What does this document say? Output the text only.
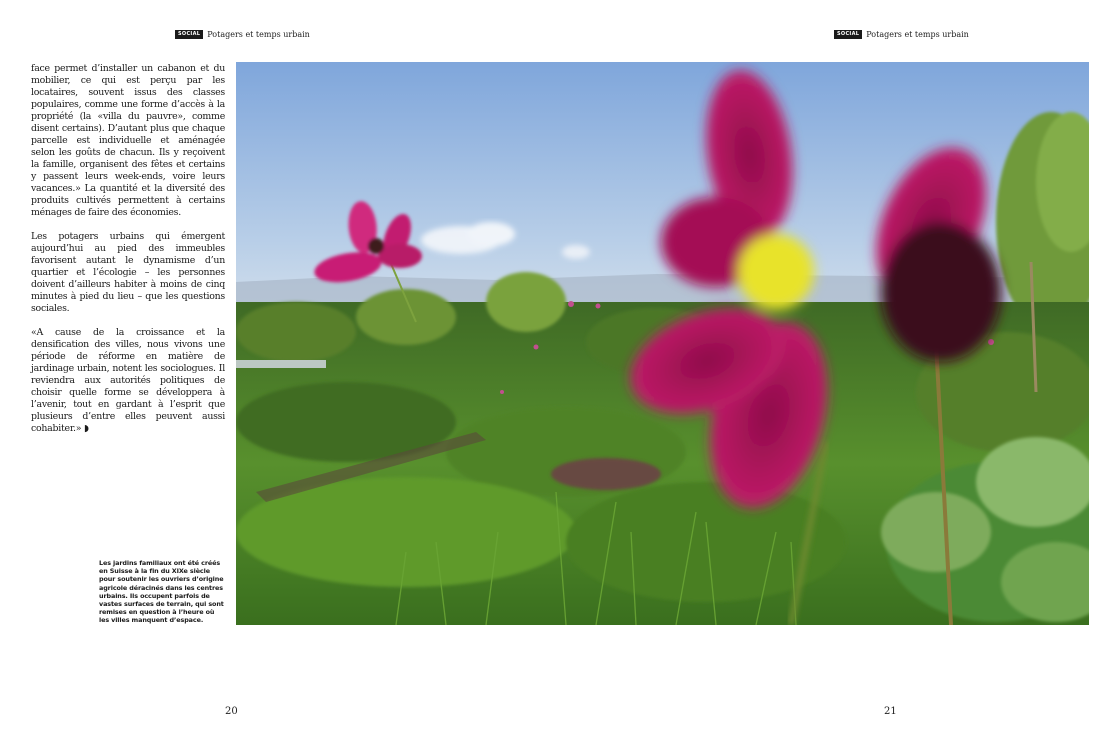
SOCIAL Potagers et temps urbain	SOCIAL Potagers et temps urbain

face permet d’installer un cabanon et du mobilier, ce qui est perçu par les locataires, souvent issus des classes populaires, comme une forme d’accès à la propriété (la «villa du pauvre», comme disent certains). D’autant plus que chaque parcelle est individuelle et aménagée selon les goûts de chacun. Ils y reçoivent la famille, organisent des fêtes et certains y passent leurs week-ends, voire leurs vacances.» La quantité et la diversité des produits cultivés permettent à certains ménages de faire des économies.

Les potagers urbains qui émergent aujourd’hui au pied des immeubles favorisent autant le dynamisme d’un quartier et l’écologie – les personnes doivent d’ailleurs habiter à moins de cinq minutes à pied du lieu – que les questions sociales.

«A cause de la croissance et la densification des villes, nous vivons une période de réforme en matière de jardinage urbain, notent les sociologues. Il reviendra aux autorités politiques de choisir quelle forme se développera à l’avenir, tout en gardant à l’esprit que plusieurs d’entre elles peuvent aussi cohabiter.» ◗

Les jardins familiaux ont été créés en Suisse à la fin du XIXe siècle pour soutenir les ouvriers d’origine agricole déracinés dans les centres urbains. Ils occupent parfois de vastes surfaces de terrain, qui sont remises en question à l’heure où les villes manquent d’espace.
20	21
